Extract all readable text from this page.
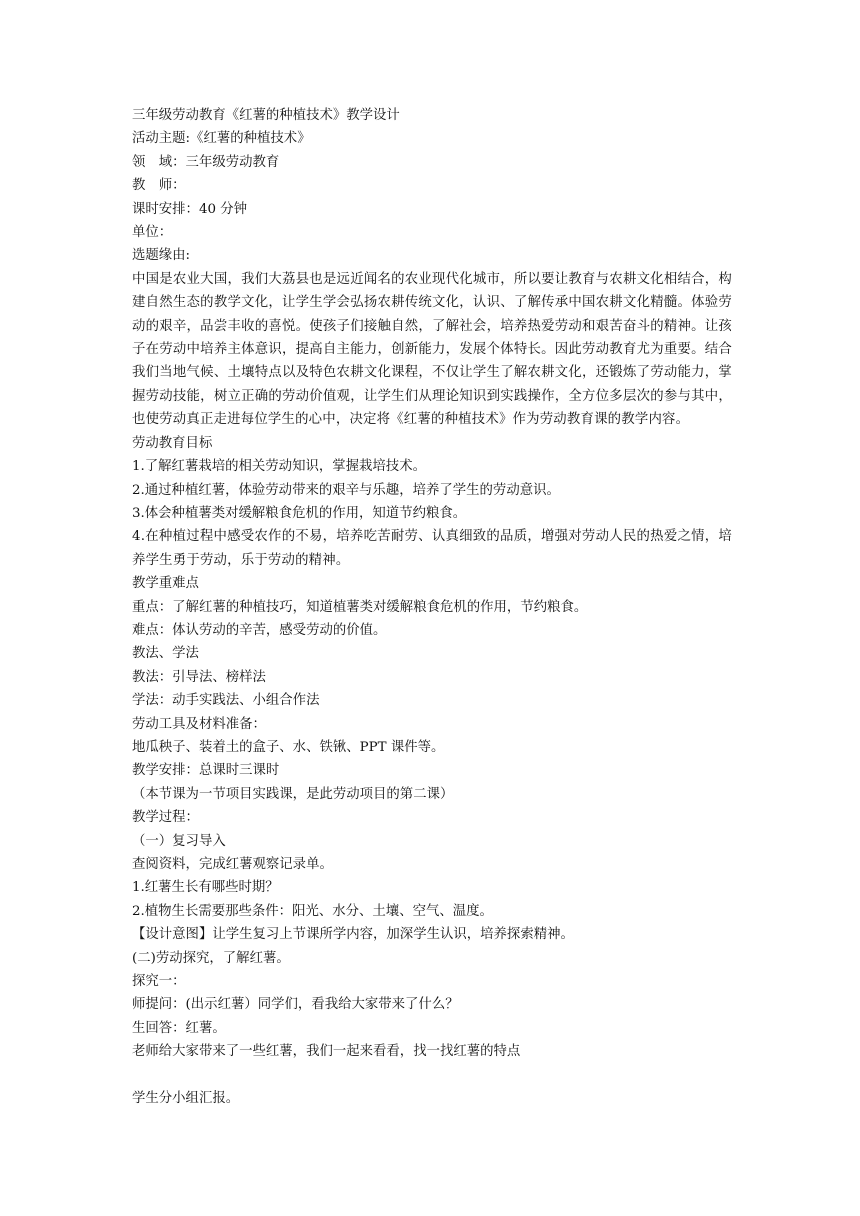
三年级劳动教育《红薯的种植技术》教学设计
活动主题:《红薯的种植技术》
领　域：三年级劳动教育
教　师：
课时安排：40 分钟
单位：
选题缘由:

中国是农业大国，我们大荔县也是远近闻名的农业现代化城市，所以要让教育与农耕文化相结合，构建自然生态的教学文化，让学生学会弘扬农耕传统文化，认识、了解传承中国农耕文化精髓。体验劳动的艰辛，品尝丰收的喜悦。使孩子们接触自然，了解社会，培养热爱劳动和艰苦奋斗的精神。让孩子在劳动中培养主体意识，提高自主能力，创新能力，发展个体特长。因此劳动教育尤为重要。结合我们当地气候、土壤特点以及特色农耕文化课程，不仅让学生了解农耕文化，还锻炼了劳动能力，掌握劳动技能，树立正确的劳动价值观，让学生们从理论知识到实践操作，全方位多层次的参与其中，也使劳动真正走进每位学生的心中，决定将《红薯的种植技术》作为劳动教育课的教学内容。

劳动教育目标
1.了解红薯栽培的相关劳动知识，掌握栽培技术。
2.通过种植红薯，体验劳动带来的艰辛与乐趣，培养了学生的劳动意识。
3.体会种植薯类对缓解粮食危机的作用，知道节约粮食。

4.在种植过程中感受农作的不易，培养吃苦耐劳、认真细致的品质，增强对劳动人民的热爱之情，培养学生勇于劳动，乐于劳动的精神。

教学重难点
重点：了解红薯的种植技巧，知道植薯类对缓解粮食危机的作用，节约粮食。
难点：体认劳动的辛苦，感受劳动的价值。
教法、学法
教法：引导法、榜样法
学法：动手实践法、小组合作法
劳动工具及材料准备：
地瓜秧子、装着土的盒子、水、铁锹、PPT 课件等。
教学安排：总课时三课时
（本节课为一节项目实践课，是此劳动项目的第二课）
教学过程：
（一）复习导入
查阅资料，完成红薯观察记录单。
1.红薯生长有哪些时期？
2.植物生长需要那些条件：阳光、水分、土壤、空气、温度。
【设计意图】让学生复习上节课所学内容，加深学生认识，培养探索精神。
(二)劳动探究，了解红薯。
探究一：
师提问：(出示红薯）同学们，看我给大家带来了什么？
生回答：红薯。
老师给大家带来了一些红薯，我们一起来看看，找一找红薯的特点
学生分小组汇报。
